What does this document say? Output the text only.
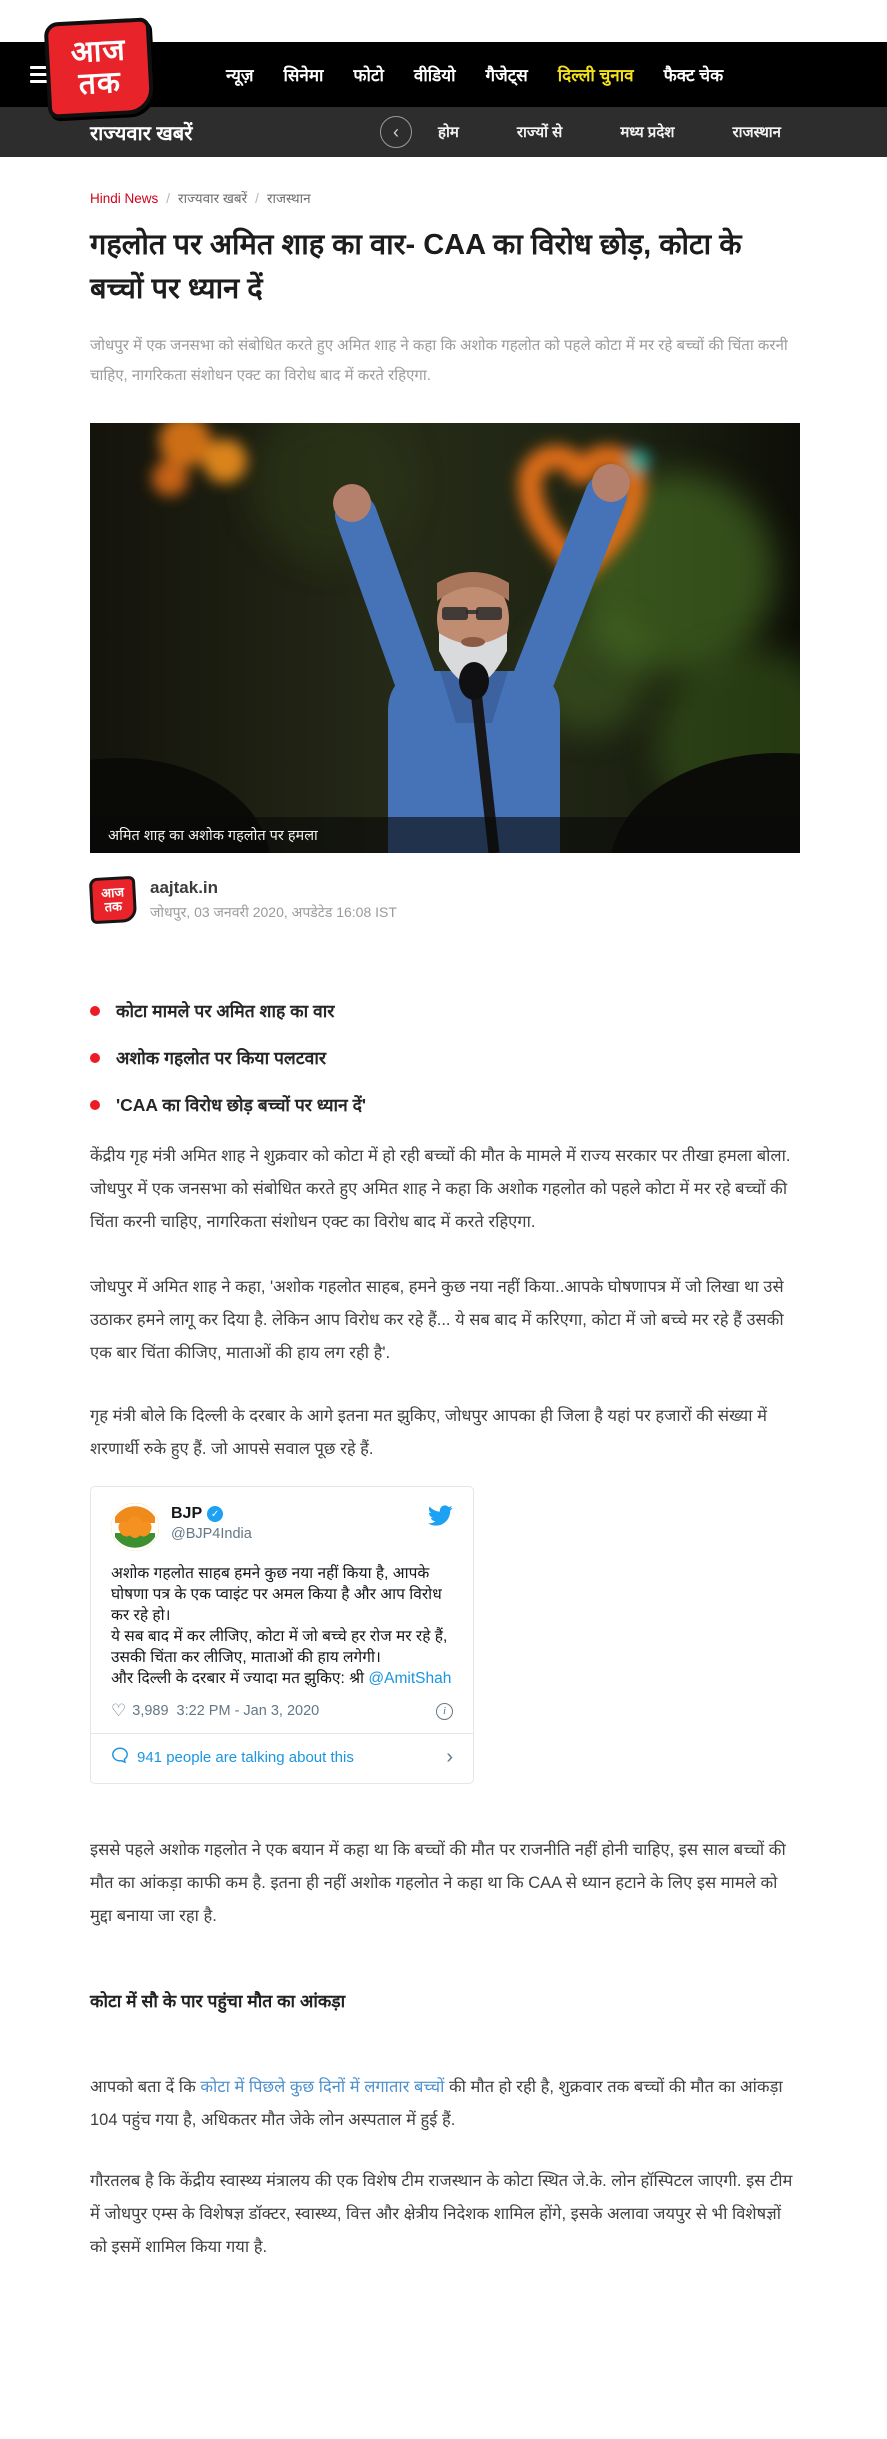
आज
तक	न्यूज़ सिनेमा फोटो वीडियो गैजेट्स दिल्ली चुनाव फैक्ट चेक
राज्यवार खबरें	‹	होम	राज्यों से	मध्य प्रदेश	राजस्थान
Hindi News / राज्यवार खबरें / राजस्थान
गहलोत पर अमित शाह का वार- CAA का विरोध छोड़, कोटा के बच्चों पर ध्यान दें

जोधपुर में एक जनसभा को संबोधित करते हुए अमित शाह ने कहा कि अशोक गहलोत को पहले कोटा में मर रहे बच्चों की चिंता करनी चाहिए, नागरिकता संशोधन एक्ट का विरोध बाद में करते रहिएगा.

अमित शाह का अशोक गहलोत पर हमला
आज
तक
aajtak.in
जोधपुर, 03 जनवरी 2020, अपडेटेड 16:08 IST
कोटा मामले पर अमित शाह का वार
अशोक गहलोत पर किया पलटवार
'CAA का विरोध छोड़ बच्चों पर ध्यान दें'

केंद्रीय गृह मंत्री अमित शाह ने शुक्रवार को कोटा में हो रही बच्चों की मौत के मामले में राज्य सरकार पर तीखा हमला बोला. जोधपुर में एक जनसभा को संबोधित करते हुए अमित शाह ने कहा कि अशोक गहलोत को पहले कोटा में मर रहे बच्चों की चिंता करनी चाहिए, नागरिकता संशोधन एक्ट का विरोध बाद में करते रहिएगा.

जोधपुर में अमित शाह ने कहा, 'अशोक गहलोत साहब, हमने कुछ नया नहीं किया..आपके घोषणापत्र में जो लिखा था उसे उठाकर हमने लागू कर दिया है. लेकिन आप विरोध कर रहे हैं... ये सब बाद में करिएगा, कोटा में जो बच्चे मर रहे हैं उसकी एक बार चिंता कीजिए, माताओं की हाय लग रही है'.

गृह मंत्री बोले कि दिल्ली के दरबार के आगे इतना मत झुकिए, जोधपुर आपका ही जिला है यहां पर हजारों की संख्या में शरणार्थी रुके हुए हैं. जो आपसे सवाल पूछ रहे हैं.

BJP ✓
@BJP4India
अशोक गहलोत साहब हमने कुछ नया नहीं किया है, आपके घोषणा पत्र के एक प्वाइंट पर अमल किया है और आप विरोध कर रहे हो।
ये सब बाद में कर लीजिए, कोटा में जो बच्चे हर रोज मर रहे हैं, उसकी चिंता कर लीजिए, माताओं की हाय लगेगी।
और दिल्ली के दरबार में ज्यादा मत झुकिए: श्री @AmitShah
♡ 3,989 3:22 PM - Jan 3, 2020	i
941 people are talking about this	›

इससे पहले अशोक गहलोत ने एक बयान में कहा था कि बच्चों की मौत पर राजनीति नहीं होनी चाहिए, इस साल बच्चों की मौत का आंकड़ा काफी कम है. इतना ही नहीं अशोक गहलोत ने कहा था कि CAA से ध्यान हटाने के लिए इस मामले को मुद्दा बनाया जा रहा है.

कोटा में सौ के पार पहुंचा मौत का आंकड़ा

आपको बता दें कि कोटा में पिछले कुछ दिनों में लगातार बच्चों की मौत हो रही है, शुक्रवार तक बच्चों की मौत का आंकड़ा 104 पहुंच गया है, अधिकतर मौत जेके लोन अस्पताल में हुई हैं.

गौरतलब है कि केंद्रीय स्वास्थ्य मंत्रालय की एक विशेष टीम राजस्थान के कोटा स्थित जे.के. लोन हॉस्पिटल जाएगी. इस टीम में जोधपुर एम्स के विशेषज्ञ डॉक्टर, स्वास्थ्य, वित्त और क्षेत्रीय निदेशक शामिल होंगे, इसके अलावा जयपुर से भी विशेषज्ञों को इसमें शामिल किया गया है.
